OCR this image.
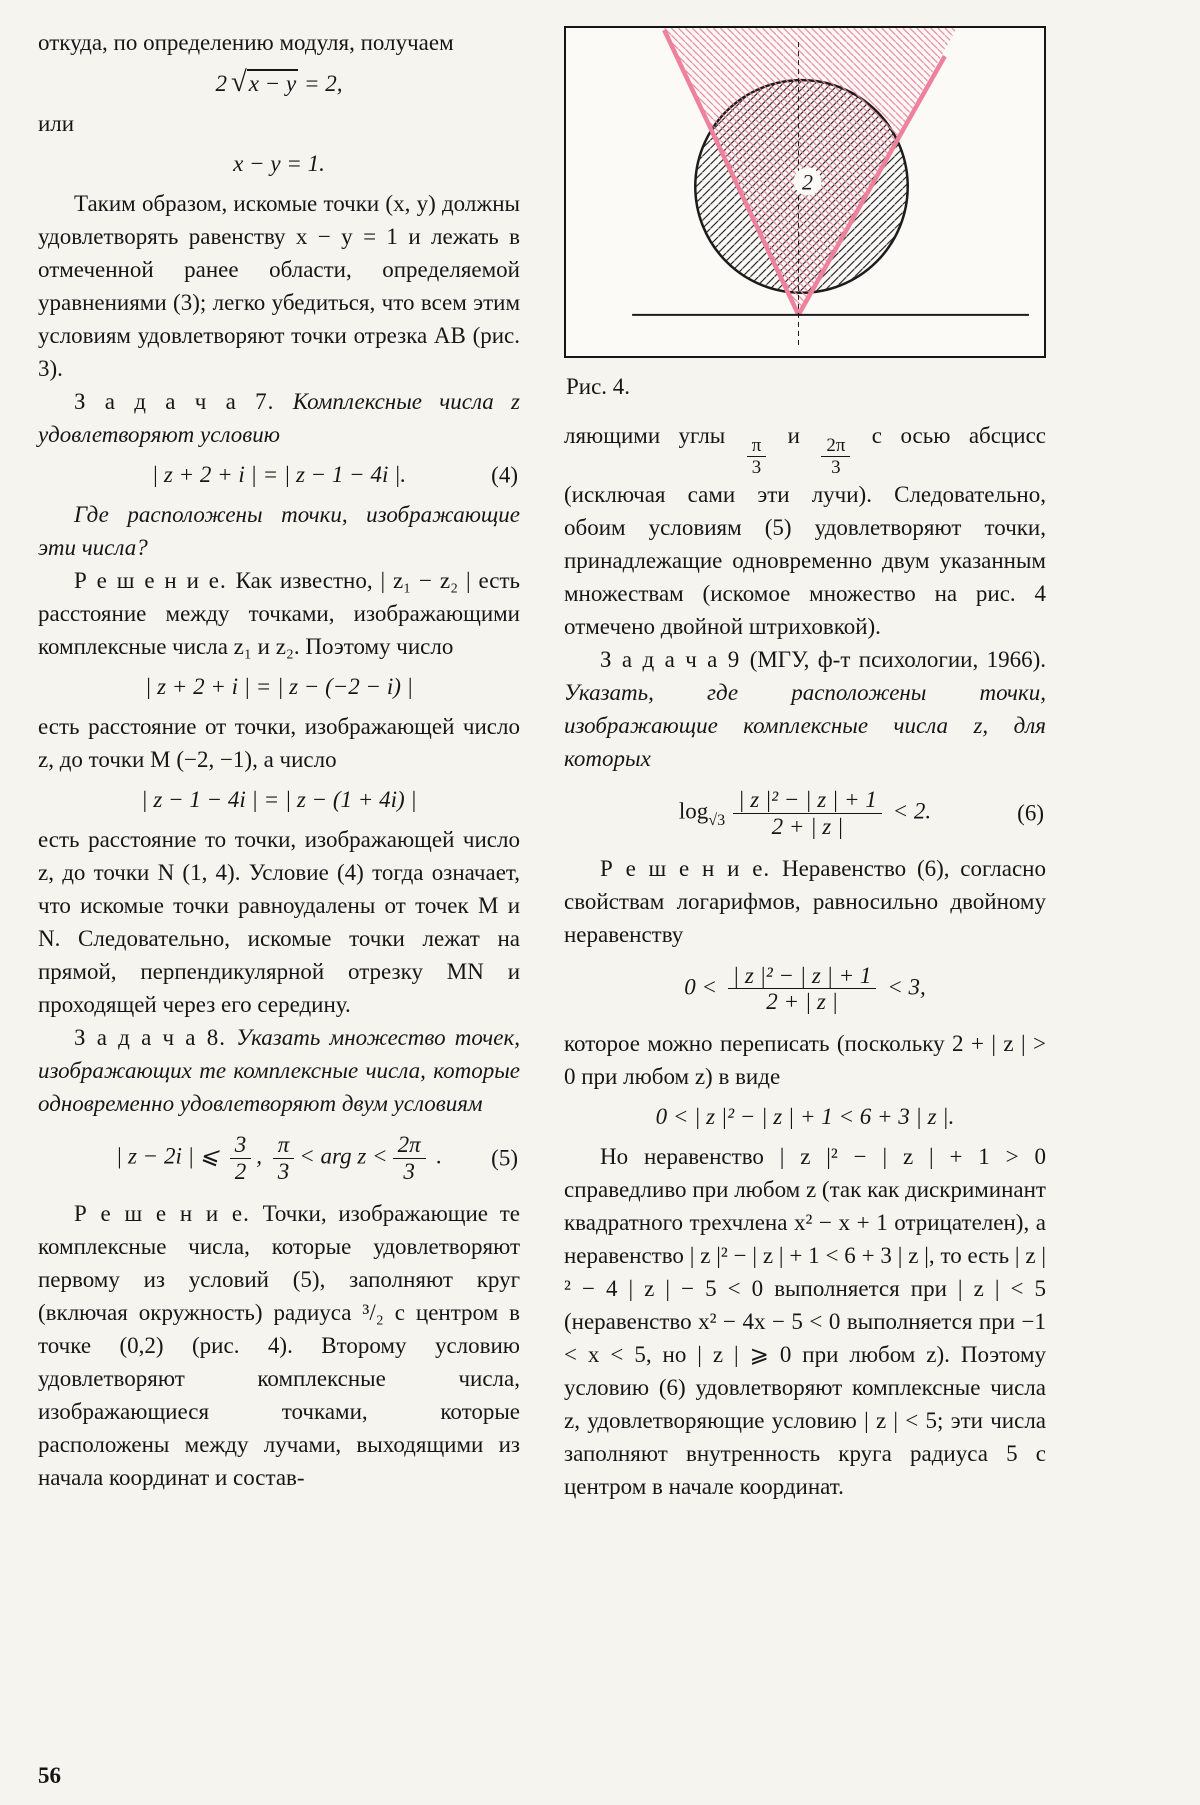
откуда, по определению модуля, получаем

2 √x − y = 2,

или

x − y = 1.

Таким образом, искомые точки (x, y) должны удовлетворять равенству x − y = 1 и лежать в отмеченной ранее области, определяемой уравнениями (3); легко убедиться, что всем этим условиям удовлетворяют точки отрезка AB (рис. 3).

З а д а ч а 7. Комплексные числа z удовлетворяют условию

| z + 2 + i | = | z − 1 − 4i |.	(4)

Где расположены точки, изображающие эти числа?

Р е ш е н и е. Как известно, | z₁ − z₂ | есть расстояние между точками, изображающими комплексные числа z₁ и z₂. Поэтому число

| z + 2 + i | = | z − (−2 − i) |

есть расстояние от точки, изображающей число z, до точки M (−2, −1), а число

| z − 1 − 4i | = | z − (1 + 4i) |

есть расстояние то точки, изображающей число z, до точки N (1, 4). Условие (4) тогда означает, что искомые точки равноудалены от точек M и N. Следовательно, искомые точки лежат на прямой, перпендикулярной отрезку MN и проходящей через его середину.

З а д а ч а 8. Указать множество точек, изображающих те комплексные числа, которые одновременно удовлетворяют двум условиям

| z − 2i | ⩽ $\frac{3}{2}$ , $\frac{\pi}{3}$ < arg $z < \frac{2\pi}{3}$ . (5)

Р е ш е н и е. Точки, изображающие те комплексные числа, которые удовлетворяют первому из условий (5), заполняют круг (включая окружность) радиуса ³/₂ с центром в точке (0,2) (рис. 4). Второму условию удовлетворяют комплексные числа, изображающиеся точками, которые расположены между лучами, выходящими из начала координат и состав-

2

Рис. 4.

ляющими углы $\frac{\pi}{3}$ и $\frac{2\pi}{3}$ с осью абсцисс (исключая сами эти лучи). Следовательно, обоим условиям (5) удовлетворяют точки, принадлежащие одновременно двум указанным множествам (искомое множество на рис. 4 отмечено двойной штриховкой).

З а д а ч а 9 (МГУ, ф-т психологии, 1966). Указать, где расположены точки, изображающие комплексные числа z, для которых

$\log_{√3} \frac{\text{| z |² − | z | + 1}}{2 + | z |} < 2$.	(6)

Р е ш е н и е. Неравенство (6), согласно свойствам логарифмов, равносильно двойному неравенству

$0 < \frac{\text{| z |² − | z | + 1}}{2 + | z |} < 3$,

которое можно переписать (поскольку 2 + | z | > 0 при любом z) в виде

0 < | z |² − | z | + 1 < 6 + 3 | z |.

Но неравенство | z |² − | z | + 1 > 0 справедливо при любом z (так как дискриминант квадратного трехчлена x² − x + 1 отрицателен), а неравенство | z |² − | z | + 1 < 6 + 3 | z |, то есть | z |² − 4 | z | − 5 < 0 выполняется при | z | < 5 (неравенство x² − 4x − 5 < 0 выполняется при −1 < x < 5, но | z | ⩾ 0 при любом z). Поэтому условию (6) удовлетворяют комплексные числа z, удовлетворяющие условию | z | < 5; эти числа заполняют внутренность круга радиуса 5 с центром в начале координат.

56
